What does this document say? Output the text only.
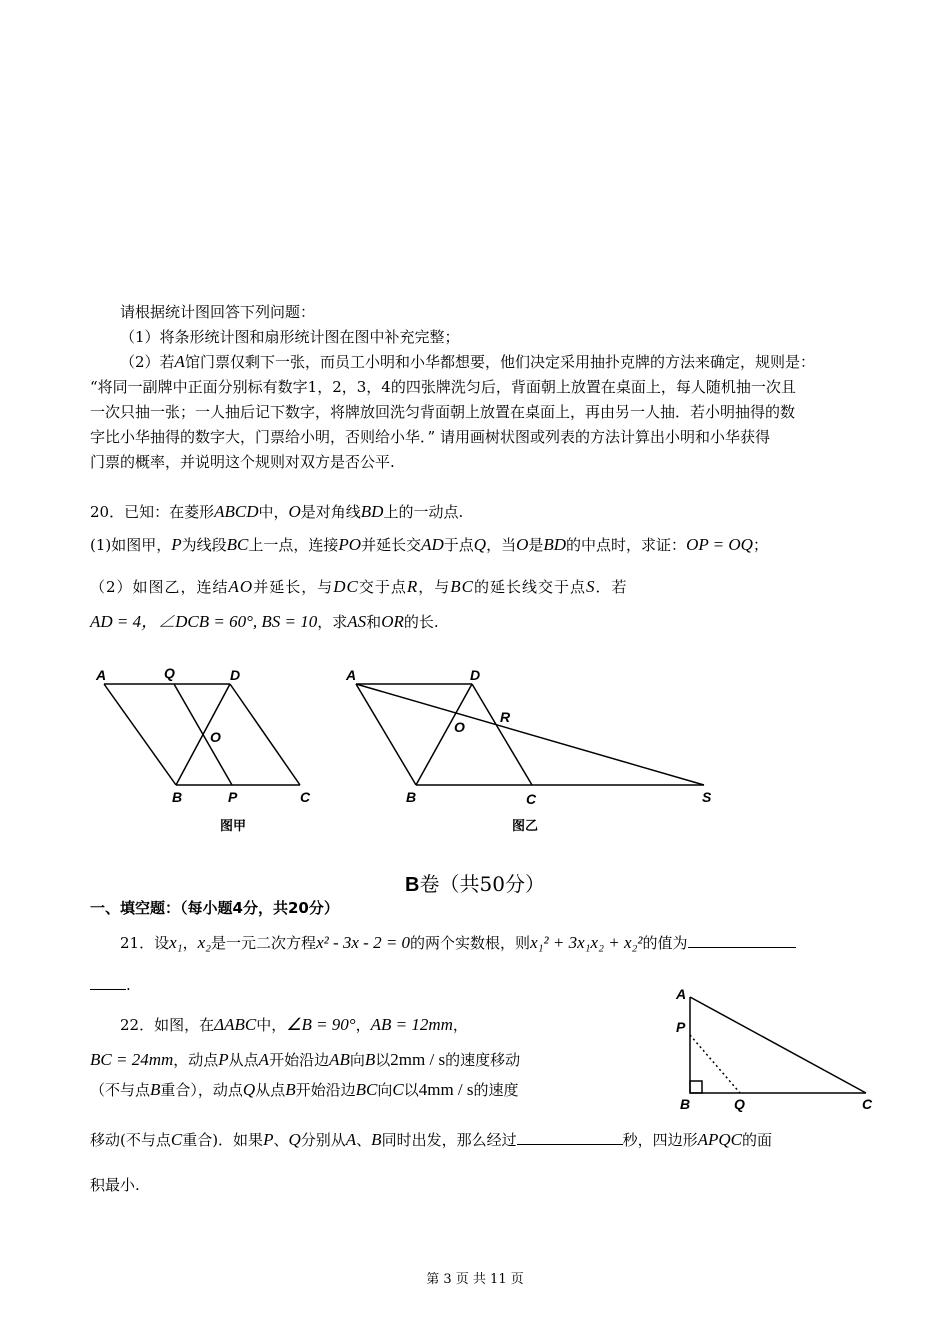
请根据统计图回答下列问题：

（1）将条形统计图和扇形统计图在图中补充完整；

（2）若A馆门票仅剩下一张，而员工小明和小华都想要，他们决定采用抽扑克牌的方法来确定，规则是：

“将同一副牌中正面分别标有数字1，2，3，4的四张牌洗匀后，背面朝上放置在桌面上，每人随机抽一次且

一次只抽一张；一人抽后记下数字，将牌放回洗匀背面朝上放置在桌面上，再由另一人抽．若小明抽得的数

字比小华抽得的数字大，门票给小明，否则给小华．” 请用画树状图或列表的方法计算出小明和小华获得

门票的概率，并说明这个规则对双方是否公平.

20．已知：在菱形ABCD中，O是对角线BD上的一动点.

(1)如图甲，P为线段BC上一点，连接PO并延长交AD于点Q，当O是BD的中点时，求证：OP = OQ；

（2）如图乙，连结AO并延长，与DC交于点R，与BC的延长线交于点S．若

AD = 4，∠DCB = 60°, BS = 10，求AS和OR的长.

A	Q	D
O
B	P	C
图甲
A	D
R
O
B	C	S
图乙
B卷（共50分）
一、填空题：（每小题4分，共20分）

21．设x₁，x₂是一元二次方程x² - 3x - 2 = 0的两个实数根，则x₁² + 3x₁x₂ + x₂²的值为

.

22．如图，在ΔABC中，∠B = 90°，AB = 12mm，

BC = 24mm，动点P从点A开始沿边AB向B以2mm / s的速度移动

（不与点B重合），动点Q从点B开始沿边BC向C以4mm / s的速度

移动(不与点C重合)．如果P、Q分别从A、B同时出发，那么经过	秒，四边形APQC的面

积最小.

A
P
B	Q	C
第 3 页 共 11 页
